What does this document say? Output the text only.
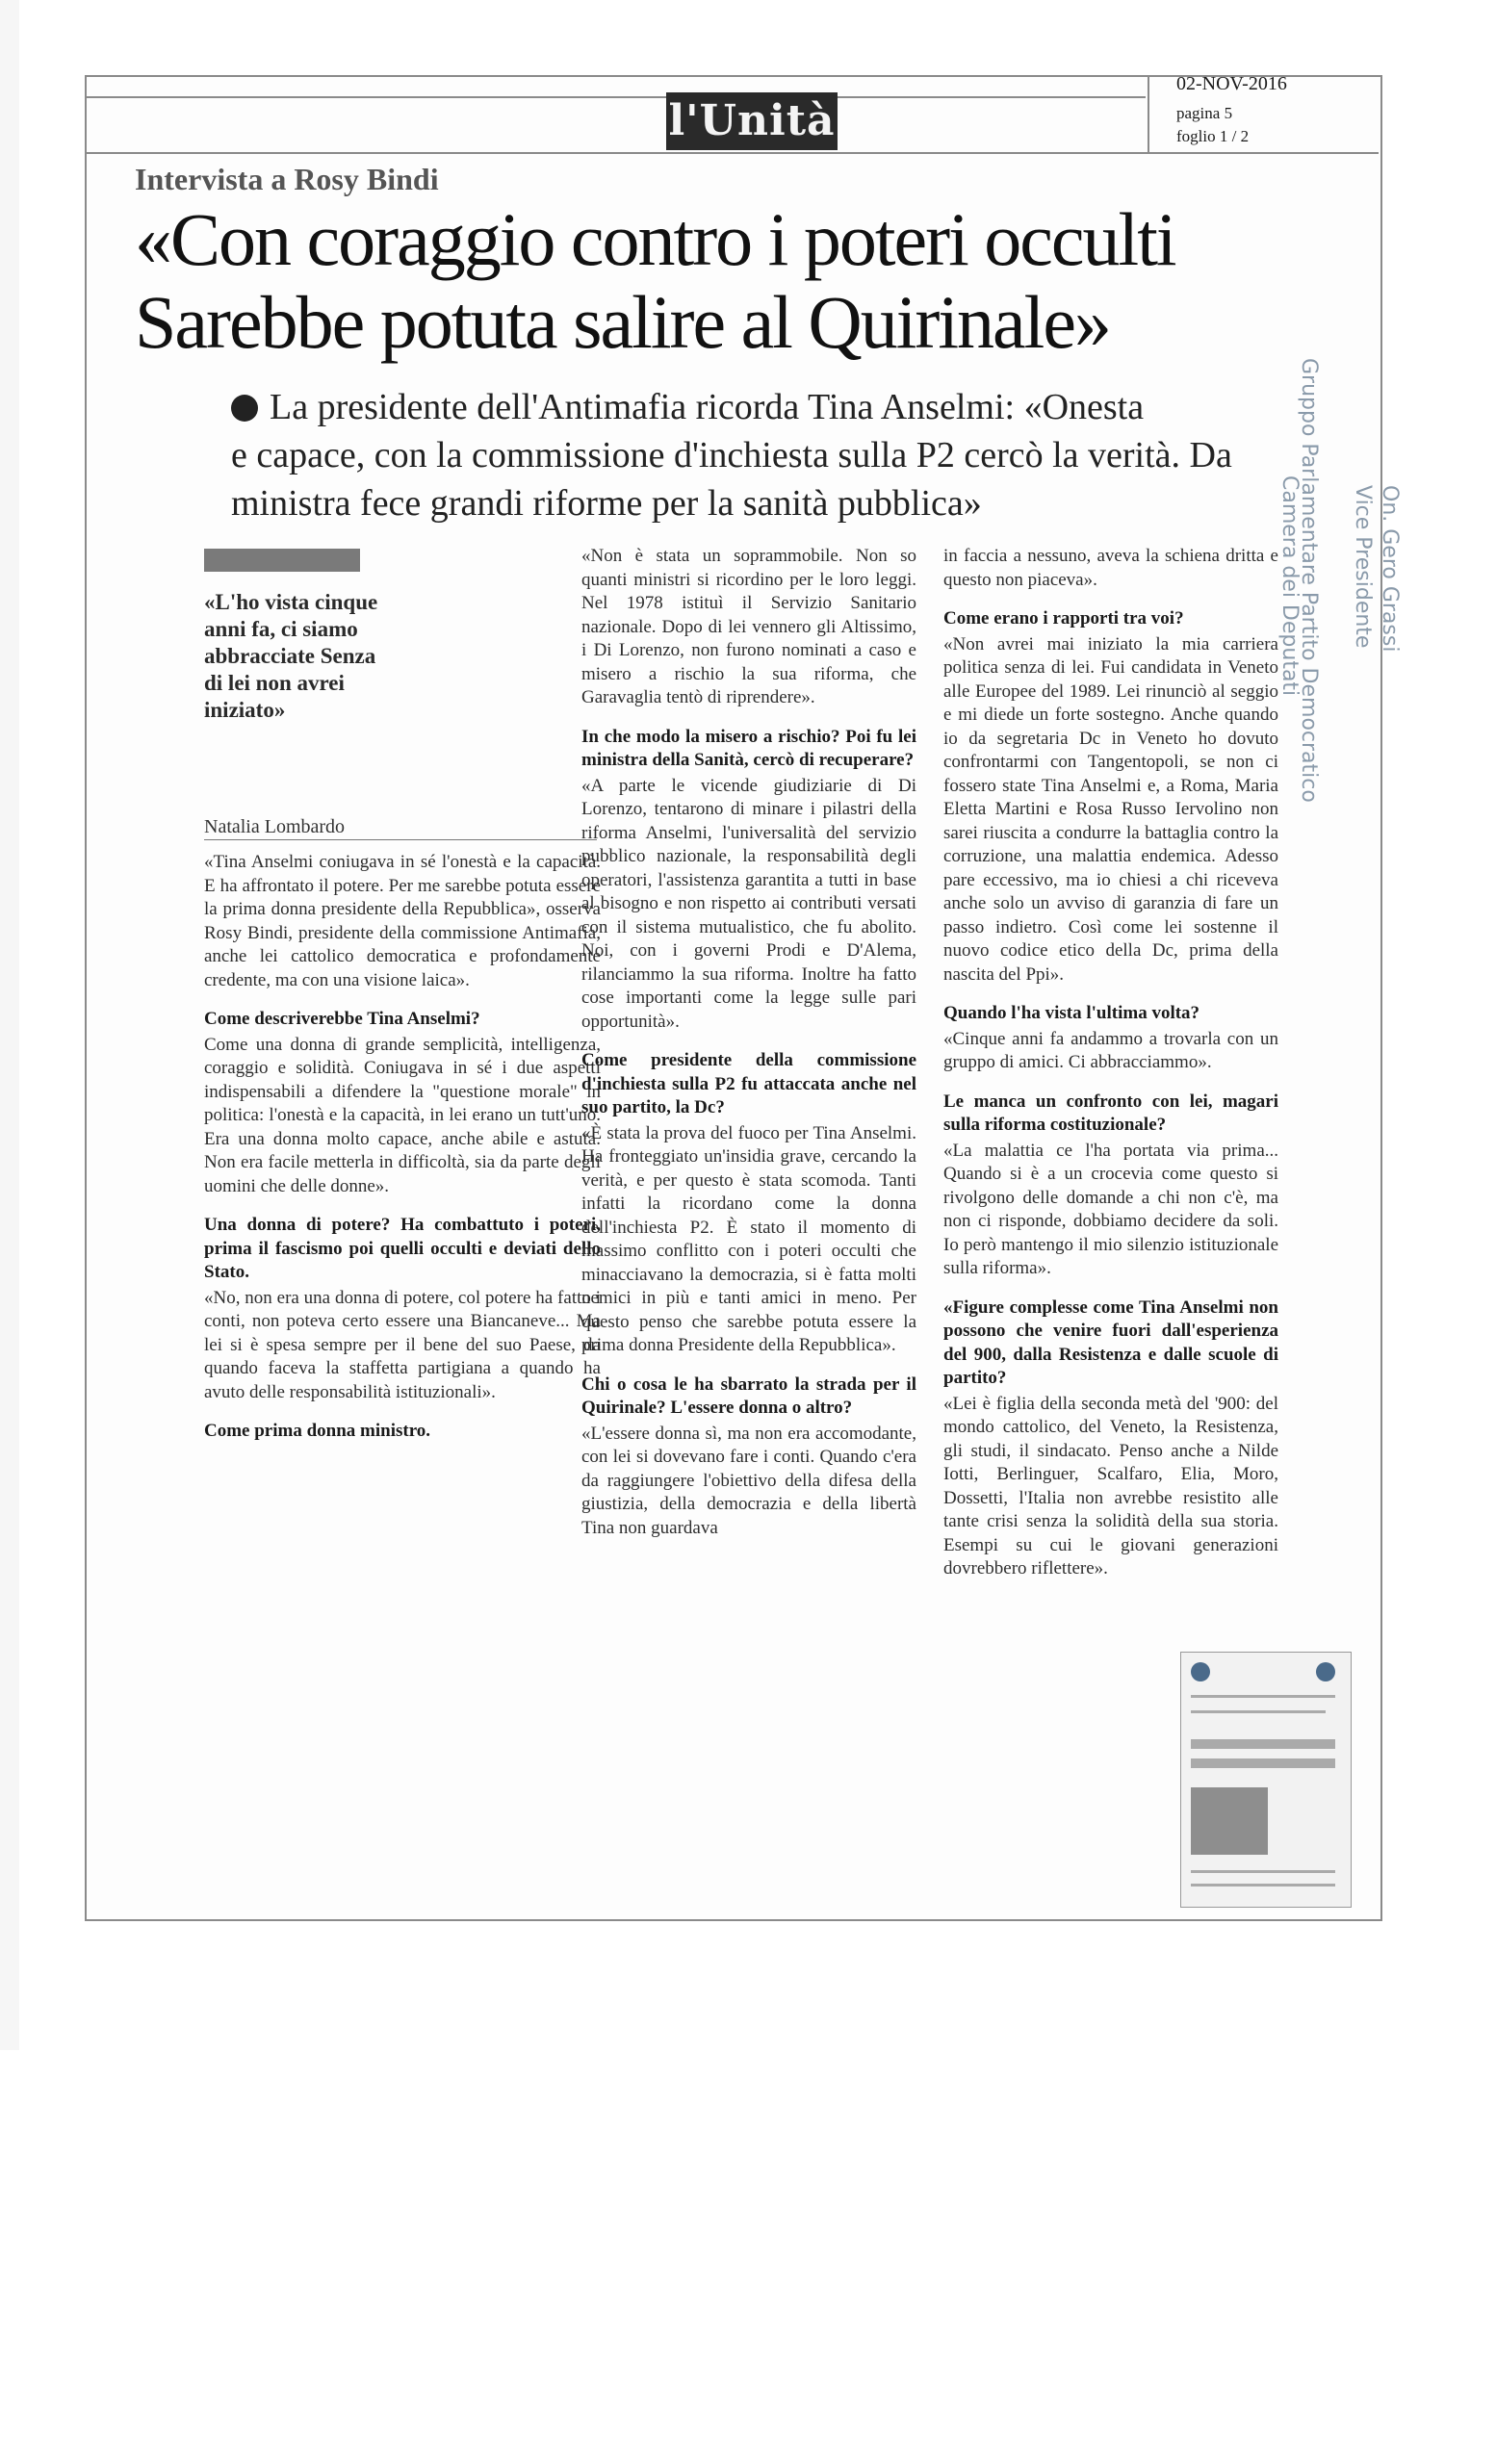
02-NOV-2016
pagina 5
foglio 1 / 2
l'Unità
Intervista a Rosy Bindi
«Con coraggio contro i poteri occulti
Sarebbe potuta salire al Quirinale»
La presidente dell'Antimafia ricorda Tina Anselmi: «Onesta
e capace, con la commissione d'inchiesta sulla P2 cercò la verità. Da ministra fece grandi riforme per la sanità pubblica»
«L'ho vista cinque anni fa, ci siamo abbracciate Senza di lei non avrei iniziato»
Natalia Lombardo

«Tina Anselmi coniugava in sé l'onestà e la capacità. E ha affrontato il potere. Per me sarebbe potuta essere la prima donna presidente della Repubblica», osserva Rosy Bindi, presidente della commissione Antimafia, anche lei cattolico democratica e profondamente credente, ma con una visione laica».

Come descriverebbe Tina Anselmi?

Come una donna di grande semplicità, intelligenza, coraggio e solidità. Coniugava in sé i due aspetti indispensabili a difendere la "questione morale" in politica: l'onestà e la capacità, in lei erano un tutt'uno. Era una donna molto capace, anche abile e astuta. Non era facile metterla in difficoltà, sia da parte degli uomini che delle donne».

Una donna di potere? Ha combattuto i poteri, prima il fascismo poi quelli occulti e deviati dello Stato.

«No, non era una donna di potere, col potere ha fatto i conti, non poteva certo essere una Biancaneve... Ma lei si è spesa sempre per il bene del suo Paese, da quando faceva la staffetta partigiana a quando ha avuto delle responsabilità istituzionali».

Come prima donna ministro.

«Non è stata un soprammobile. Non so quanti ministri si ricordino per le loro leggi. Nel 1978 istituì il Servizio Sanitario nazionale. Dopo di lei vennero gli Altissimo, i Di Lorenzo, non furono nominati a caso e misero a rischio la sua riforma, che Garavaglia tentò di riprendere».

In che modo la misero a rischio? Poi fu lei ministra della Sanità, cercò di recuperare?

«A parte le vicende giudiziarie di Di Lorenzo, tentarono di minare i pilastri della riforma Anselmi, l'universalità del servizio pubblico nazionale, la responsabilità degli operatori, l'assistenza garantita a tutti in base al bisogno e non rispetto ai contributi versati con il sistema mutualistico, che fu abolito. Noi, con i governi Prodi e D'Alema, rilanciammo la sua riforma. Inoltre ha fatto cose importanti come la legge sulle pari opportunità».

Come presidente della commissione d'inchiesta sulla P2 fu attaccata anche nel suo partito, la Dc?

«È stata la prova del fuoco per Tina Anselmi. Ha fronteggiato un'insidia grave, cercando la verità, e per questo è stata scomoda. Tanti infatti la ricordano come la donna dell'inchiesta P2. È stato il momento di massimo conflitto con i poteri occulti che minacciavano la democrazia, si è fatta molti nemici in più e tanti amici in meno. Per questo penso che sarebbe potuta essere la prima donna Presidente della Repubblica».

Chi o cosa le ha sbarrato la strada per il Quirinale? L'essere donna o altro?

«L'essere donna sì, ma non era accomodante, con lei si dovevano fare i conti. Quando c'era da raggiungere l'obiettivo della difesa della giustizia, della democrazia e della libertà Tina non guardava

in faccia a nessuno, aveva la schiena dritta e questo non piaceva».

Come erano i rapporti tra voi?

«Non avrei mai iniziato la mia carriera politica senza di lei. Fui candidata in Veneto alle Europee del 1989. Lei rinunciò al seggio e mi diede un forte sostegno. Anche quando io da segretaria Dc in Veneto ho dovuto confrontarmi con Tangentopoli, se non ci fossero state Tina Anselmi e, a Roma, Maria Eletta Martini e Rosa Russo Iervolino non sarei riuscita a condurre la battaglia contro la corruzione, una malattia endemica. Adesso pare eccessivo, ma io chiesi a chi riceveva anche solo un avviso di garanzia di fare un passo indietro. Così come lei sostenne il nuovo codice etico della Dc, prima della nascita del Ppi».

Quando l'ha vista l'ultima volta?

«Cinque anni fa andammo a trovarla con un gruppo di amici. Ci abbracciammo».

Le manca un confronto con lei, magari sulla riforma costituzionale?

«La malattia ce l'ha portata via prima... Quando si è a un crocevia come questo si rivolgono delle domande a chi non c'è, ma non ci risponde, dobbiamo decidere da soli. Io però mantengo il mio silenzio istituzionale sulla riforma».

«Figure complesse come Tina Anselmi non possono che venire fuori dall'esperienza del 900, dalla Resistenza e dalle scuole di partito?

«Lei è figlia della seconda metà del '900: del mondo cattolico, del Veneto, la Resistenza, gli studi, il sindacato. Penso anche a Nilde Iotti, Berlinguer, Scalfaro, Elia, Moro, Dossetti, l'Italia non avrebbe resistito alle tante crisi senza la solidità della sua storia. Esempi su cui le giovani generazioni dovrebbero riflettere».

Gruppo Parlamentare Partito Democratico
Camera dei Deputati	On. Gero Grassi
Vice Presidente
